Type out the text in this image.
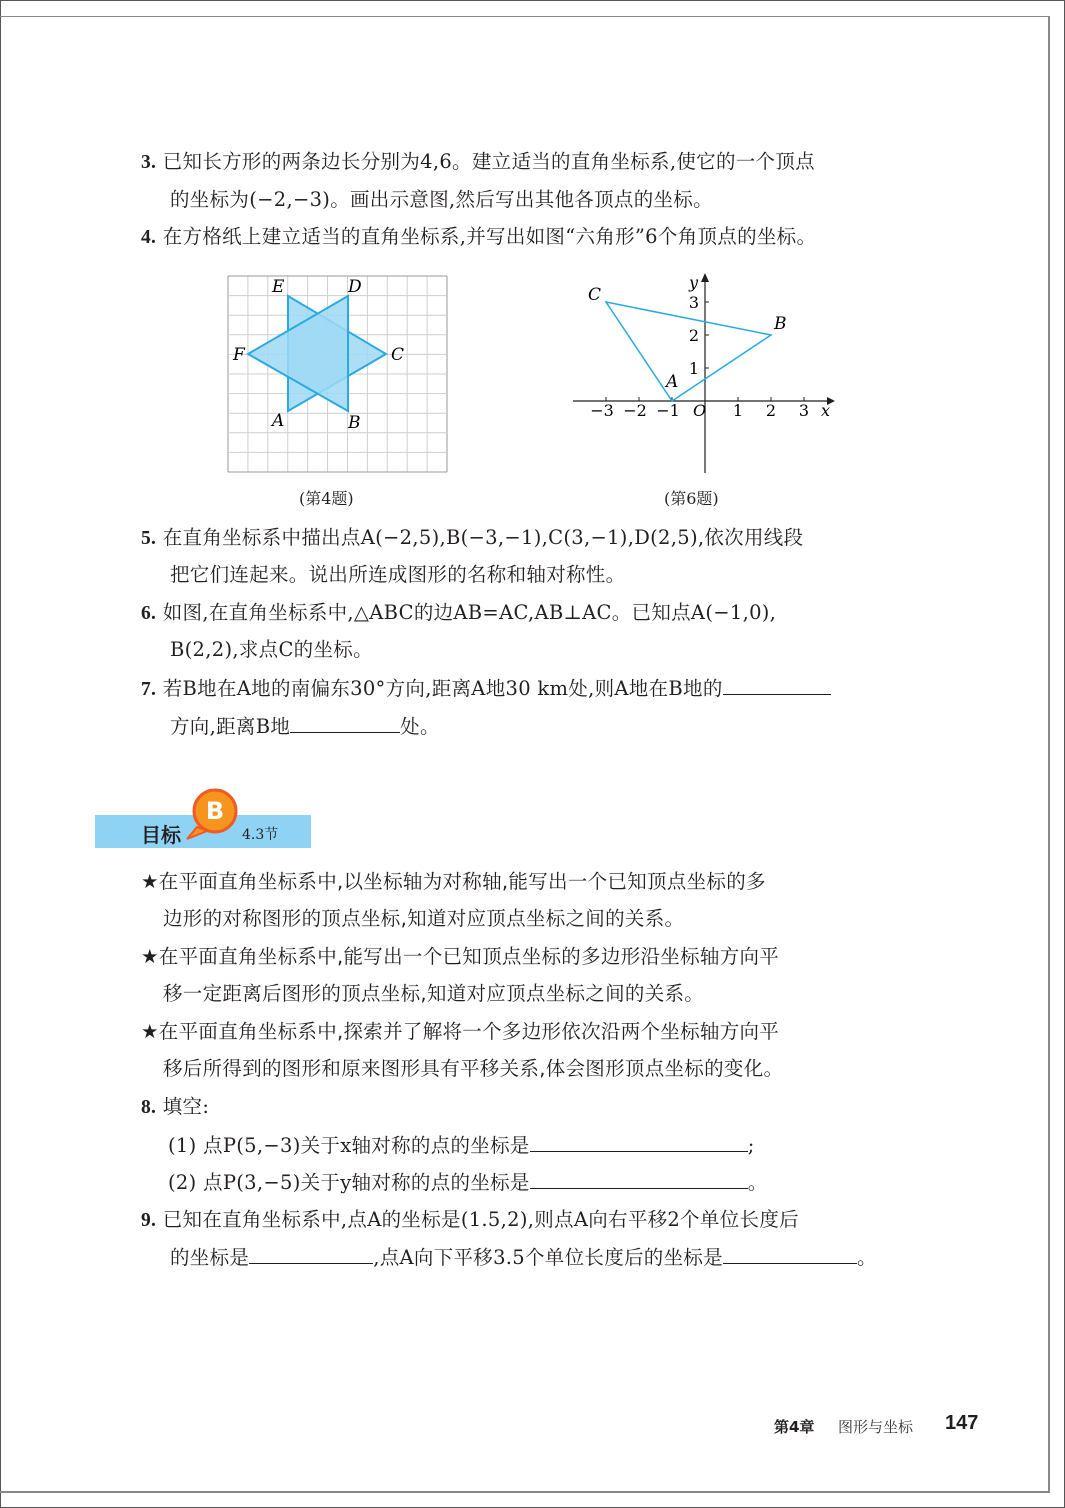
3. 已知长方形的两条边长分别为4,6。建立适当的直角坐标系,使它的一个顶点
的坐标为(−2,−3)。画出示意图,然后写出其他各顶点的坐标。
4. 在方格纸上建立适当的直角坐标系,并写出如图“六角形”6个角顶点的坐标。
E	D
C
B
A
F
(第4题)
−3 −2 −1	1 2 3
1
2
3
O	x
y
A
B
C
(第6题)
5. 在直角坐标系中描出点A(−2,5),B(−3,−1),C(3,−1),D(2,5),依次用线段
把它们连起来。说出所连成图形的名称和轴对称性。
6. 如图,在直角坐标系中,△ABC的边AB=AC,AB⊥AC。已知点A(−1,0),
B(2,2),求点C的坐标。
7. 若B地在A地的南偏东30°方向,距离A地30 km处,则A地在B地的
方向,距离B地	处。
目标	4.3节
B
★在平面直角坐标系中,以坐标轴为对称轴,能写出一个已知顶点坐标的多
边形的对称图形的顶点坐标,知道对应顶点坐标之间的关系。
★在平面直角坐标系中,能写出一个已知顶点坐标的多边形沿坐标轴方向平
移一定距离后图形的顶点坐标,知道对应顶点坐标之间的关系。
★在平面直角坐标系中,探索并了解将一个多边形依次沿两个坐标轴方向平
移后所得到的图形和原来图形具有平移关系,体会图形顶点坐标的变化。
8. 填空:
(1) 点P(5,−3)关于x轴对称的点的坐标是	;
(2) 点P(3,−5)关于y轴对称的点的坐标是	。
9. 已知在直角坐标系中,点A的坐标是(1.5,2),则点A向右平移2个单位长度后
的坐标是	,点A向下平移3.5个单位长度后的坐标是	。
第4章 图形与坐标 147
